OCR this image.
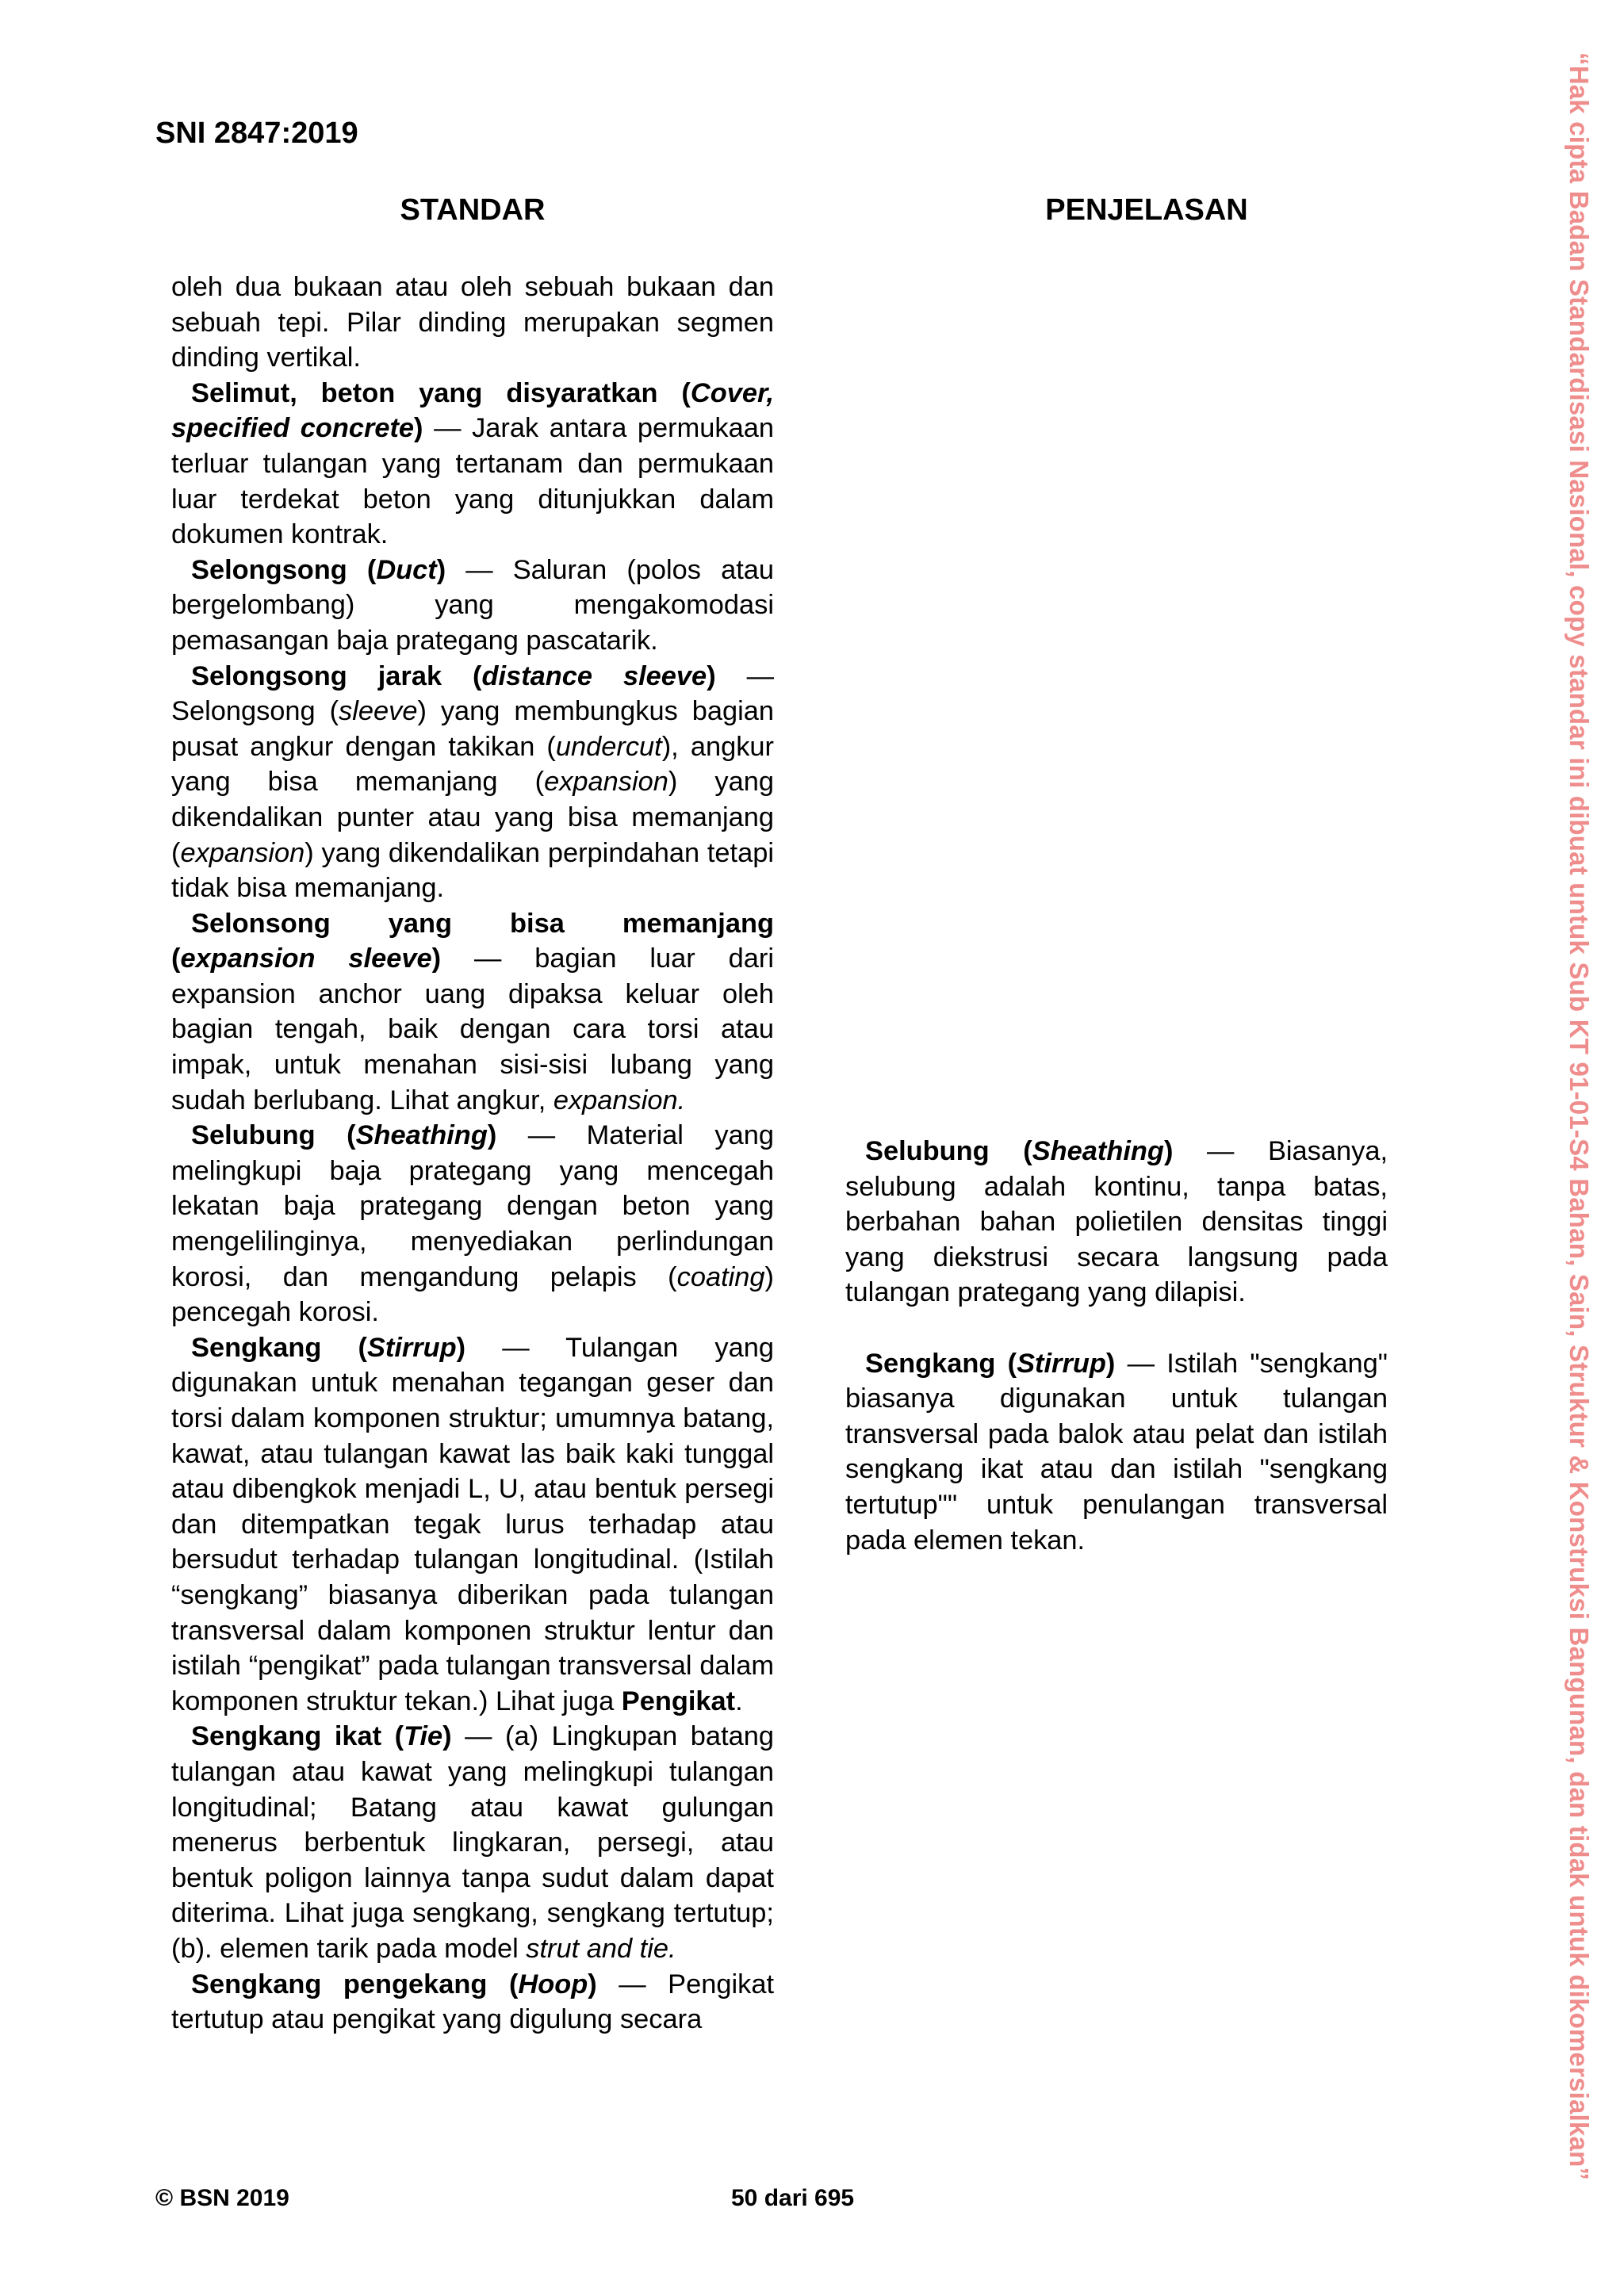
SNI 2847:2019

STANDAR	PENJELASAN

oleh dua bukaan atau oleh sebuah bukaan dan sebuah tepi. Pilar dinding merupakan segmen dinding vertikal.

Selimut, beton yang disyaratkan (Cover, specified concrete) — Jarak antara permukaan terluar tulangan yang tertanam dan permukaan luar terdekat beton yang ditunjukkan dalam dokumen kontrak.

Selongsong (Duct) — Saluran (polos atau bergelombang) yang mengakomodasi pemasangan baja prategang pascatarik.

Selongsong jarak (distance sleeve) — Selongsong (sleeve) yang membungkus bagian pusat angkur dengan takikan (undercut), angkur yang bisa memanjang (expansion) yang dikendalikan punter atau yang bisa memanjang (expansion) yang dikendalikan perpindahan tetapi tidak bisa memanjang.

Selonsong yang bisa memanjang (expansion sleeve) — bagian luar dari expansion anchor uang dipaksa keluar oleh bagian tengah, baik dengan cara torsi atau impak, untuk menahan sisi-sisi lubang yang sudah berlubang. Lihat angkur, expansion.

Selubung (Sheathing) — Material yang melingkupi baja prategang yang mencegah lekatan baja prategang dengan beton yang mengelilinginya, menyediakan perlindungan korosi, dan mengandung pelapis (coating) pencegah korosi.

Sengkang (Stirrup) — Tulangan yang digunakan untuk menahan tegangan geser dan torsi dalam komponen struktur; umumnya batang, kawat, atau tulangan kawat las baik kaki tunggal atau dibengkok menjadi L, U, atau bentuk persegi dan ditempatkan tegak lurus terhadap atau bersudut terhadap tulangan longitudinal. (Istilah “sengkang” biasanya diberikan pada tulangan transversal dalam komponen struktur lentur dan istilah “pengikat” pada tulangan transversal dalam komponen struktur tekan.) Lihat juga Pengikat.

Sengkang ikat (Tie) — (a) Lingkupan batang tulangan atau kawat yang melingkupi tulangan longitudinal; Batang atau kawat gulungan menerus berbentuk lingkaran, persegi, atau bentuk poligon lainnya tanpa sudut dalam dapat diterima. Lihat juga sengkang, sengkang tertutup; (b). elemen tarik pada model strut and tie.

Sengkang pengekang (Hoop) — Pengikat tertutup atau pengikat yang digulung secara

Selubung (Sheathing) — Biasanya, selubung adalah kontinu, tanpa batas, berbahan bahan polietilen densitas tinggi yang diekstrusi secara langsung pada tulangan prategang yang dilapisi.

Sengkang (Stirrup) — Istilah "sengkang" biasanya digunakan untuk tulangan transversal pada balok atau pelat dan istilah sengkang ikat atau dan istilah "sengkang tertutup"" untuk penulangan transversal pada elemen tekan.

© BSN 2019	50 dari 695

“Hak cipta Badan Standardisasi Nasional, copy standar ini dibuat untuk Sub KT 91-01-S4 Bahan, Sain, Struktur & Konstruksi Bangunan, dan tidak untuk dikomersialkan”
